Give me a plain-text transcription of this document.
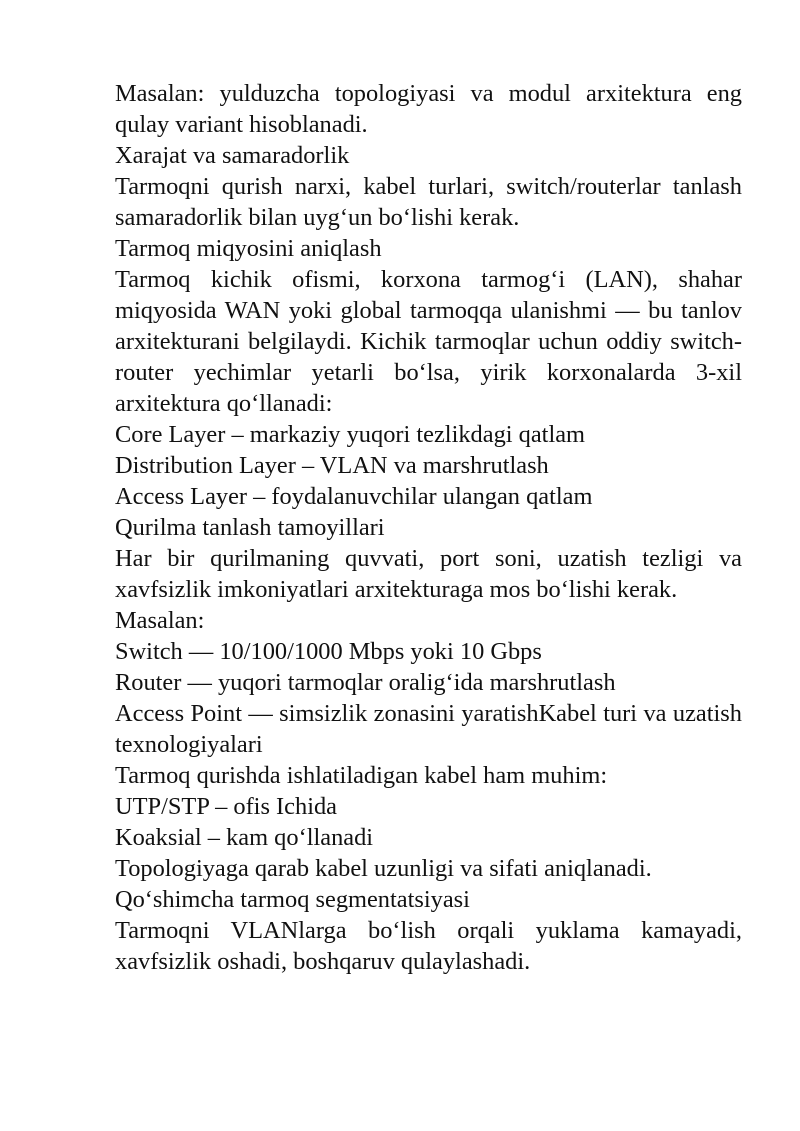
Masalan: yulduzcha topologiyasi va modul arxitektura eng qulay variant hisoblanadi.
Xarajat va samaradorlik
Tarmoqni qurish narxi, kabel turlari, switch/routerlar tanlash samaradorlik bilan uyg‘un bo‘lishi kerak.
Tarmoq miqyosini aniqlash
Tarmoq kichik ofismi, korxona tarmog‘i (LAN), shahar miqyosida WAN yoki global tarmoqqa ulanishmi — bu tanlov arxitekturani belgilaydi. Kichik tarmoqlar uchun oddiy switch-router yechimlar yetarli bo‘lsa, yirik korxonalarda 3-xil arxitektura qo‘llanadi:
Core Layer – markaziy yuqori tezlikdagi qatlam
Distribution Layer – VLAN va marshrutlash
Access Layer – foydalanuvchilar ulangan qatlam
Qurilma tanlash tamoyillari
Har bir qurilmaning quvvati, port soni, uzatish tezligi va xavfsizlik imkoniyatlari arxitekturaga mos bo‘lishi kerak.
Masalan:
Switch — 10/100/1000 Mbps yoki 10 Gbps
Router — yuqori tarmoqlar oralig‘ida marshrutlash
Access Point — simsizlik zonasini yaratishKabel turi va uzatish texnologiyalari
Tarmoq qurishda ishlatiladigan kabel ham muhim:
UTP/STP – ofis Ichida
Koaksial – kam qo‘llanadi
Topologiyaga qarab kabel uzunligi va sifati aniqlanadi.
Qo‘shimcha tarmoq segmentatsiyasi
Tarmoqni VLANlarga bo‘lish orqali yuklama kamayadi, xavfsizlik oshadi, boshqaruv qulaylashadi.
